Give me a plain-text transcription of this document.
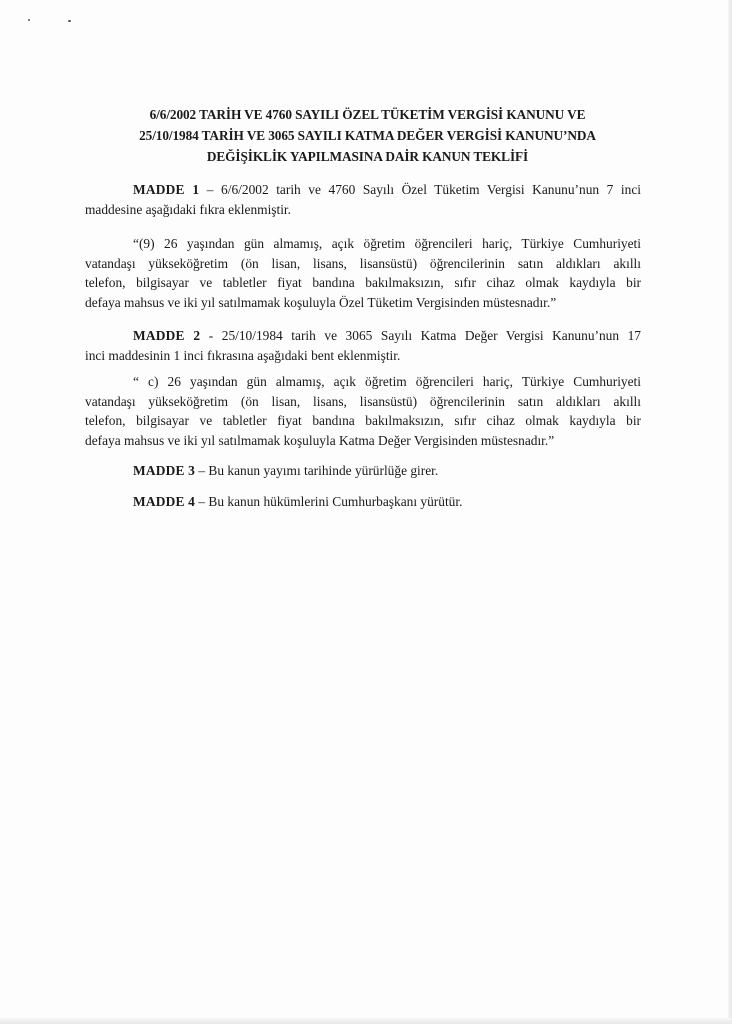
6/6/2002 TARİH VE 4760 SAYILI ÖZEL TÜKETİM VERGİSİ KANUNU VE
25/10/1984 TARİH VE 3065 SAYILI KATMA DEĞER VERGİSİ KANUNU’NDA
DEĞİŞİKLİK YAPILMASINA DAİR KANUN TEKLİFİ
MADDE 1 – 6/6/2002 tarih ve 4760 Sayılı Özel Tüketim Vergisi Kanunu’nun 7 inci
maddesine aşağıdaki fıkra eklenmiştir.
“(9) 26 yaşından gün almamış, açık öğretim öğrencileri hariç, Türkiye Cumhuriyeti
vatandaşı yükseköğretim (ön lisan, lisans, lisansüstü) öğrencilerinin satın aldıkları akıllı
telefon, bilgisayar ve tabletler fiyat bandına bakılmaksızın, sıfır cihaz olmak kaydıyla bir
defaya mahsus ve iki yıl satılmamak koşuluyla Özel Tüketim Vergisinden müstesnadır.”
MADDE 2 - 25/10/1984 tarih ve 3065 Sayılı Katma Değer Vergisi Kanunu’nun 17
inci maddesinin 1 inci fıkrasına aşağıdaki bent eklenmiştir.
“ c) 26 yaşından gün almamış, açık öğretim öğrencileri hariç, Türkiye Cumhuriyeti
vatandaşı yükseköğretim (ön lisan, lisans, lisansüstü) öğrencilerinin satın aldıkları akıllı
telefon, bilgisayar ve tabletler fiyat bandına bakılmaksızın, sıfır cihaz olmak kaydıyla bir
defaya mahsus ve iki yıl satılmamak koşuluyla Katma Değer Vergisinden müstesnadır.”
MADDE 3 – Bu kanun yayımı tarihinde yürürlüğe girer.
MADDE 4 – Bu kanun hükümlerini Cumhurbaşkanı yürütür.
